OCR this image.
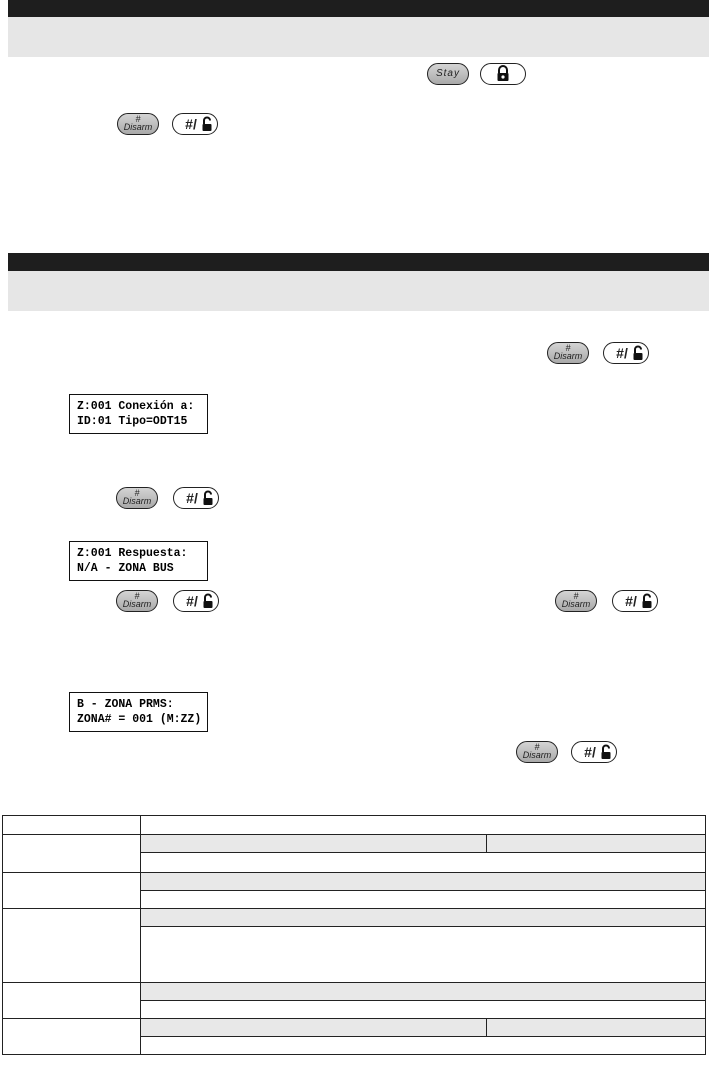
Stay
#
Disarm	#/
#
Disarm	#/
Z:001 Conexión a:
ID:01 Tipo=ODT15
#
Disarm	#/
Z:001 Respuesta:
N/A - ZONA BUS
#
Disarm	#/	#
Disarm	#/
B - ZONA PRMS:
ZONA# = 001 (M:ZZ)
#
Disarm	#/
